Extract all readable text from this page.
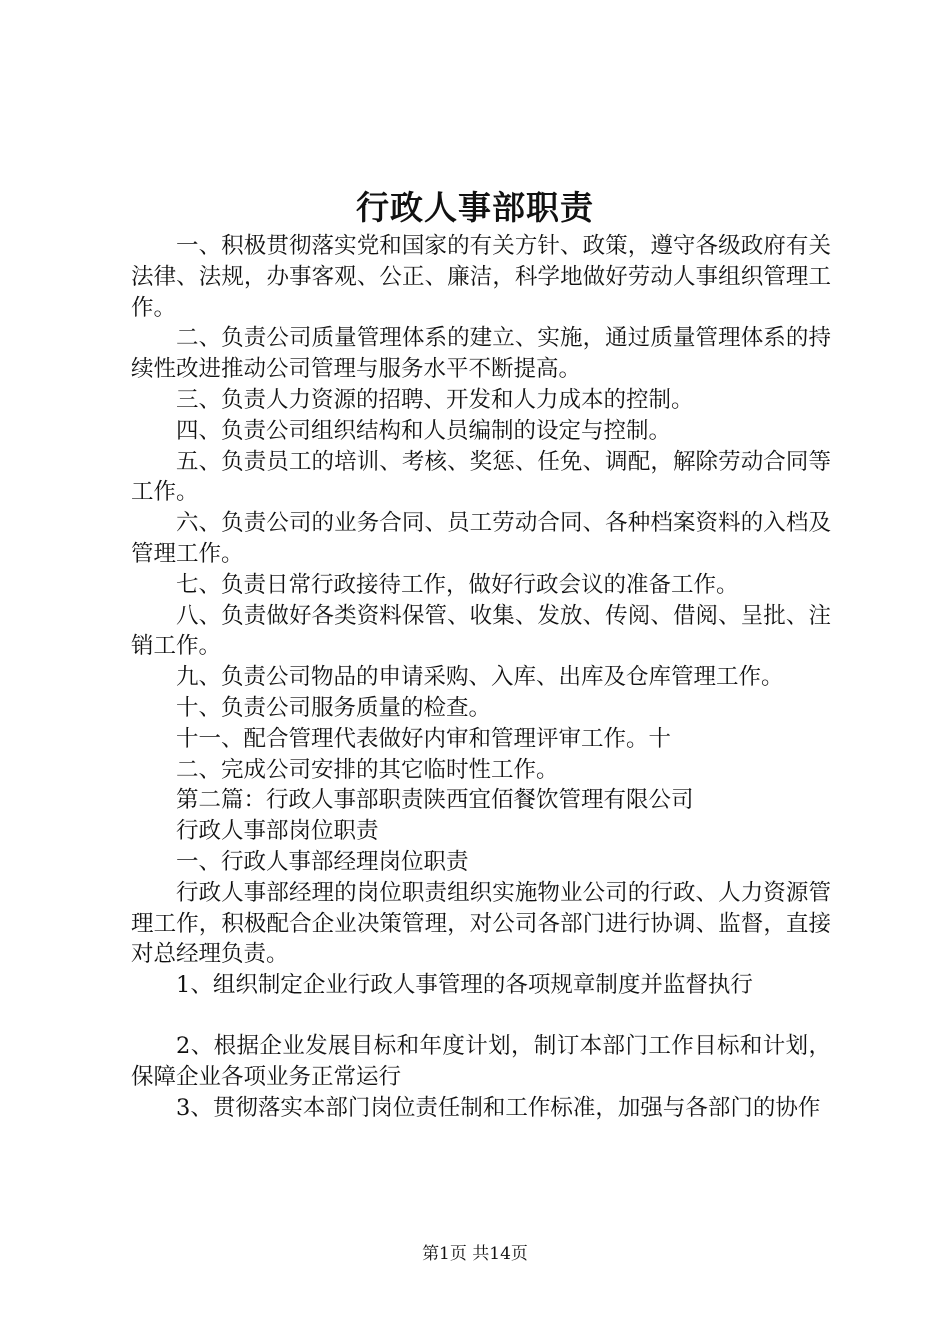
行政人事部职责

一、积极贯彻落实党和国家的有关方针、政策，遵守各级政府有关法律、法规，办事客观、公正、廉洁，科学地做好劳动人事组织管理工作。

二、负责公司质量管理体系的建立、实施，通过质量管理体系的持续性改进推动公司管理与服务水平不断提高。

三、负责人力资源的招聘、开发和人力成本的控制。

四、负责公司组织结构和人员编制的设定与控制。

五、负责员工的培训、考核、奖惩、任免、调配，解除劳动合同等工作。

六、负责公司的业务合同、员工劳动合同、各种档案资料的入档及管理工作。

七、负责日常行政接待工作，做好行政会议的准备工作。

八、负责做好各类资料保管、收集、发放、传阅、借阅、呈批、注销工作。

九、负责公司物品的申请采购、入库、出库及仓库管理工作。

十、负责公司服务质量的检查。

十一、配合管理代表做好内审和管理评审工作。十

二、完成公司安排的其它临时性工作。

第二篇：行政人事部职责陕西宜佰餐饮管理有限公司

行政人事部岗位职责

一、行政人事部经理岗位职责

行政人事部经理的岗位职责组织实施物业公司的行政、人力资源管理工作，积极配合企业决策管理，对公司各部门进行协调、监督，直接对总经理负责。

1、组织制定企业行政人事管理的各项规章制度并监督执行

2、根据企业发展目标和年度计划，制订本部门工作目标和计划，保障企业各项业务正常运行

3、贯彻落实本部门岗位责任制和工作标准，加强与各部门的协作

第1页 共14页
